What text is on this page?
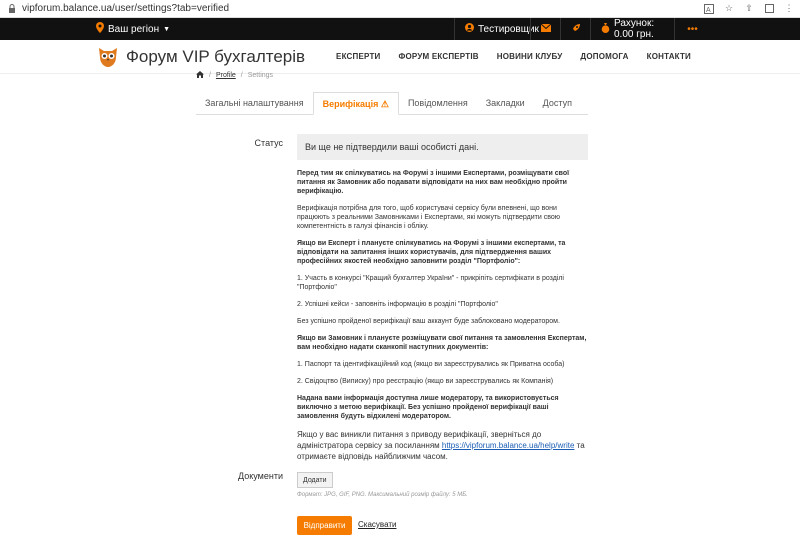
vipforum.balance.ua/user/settings?tab=verified	A ☆ ⇧	⋮
Ваш регіон ▼	Тестировщик	Рахунок: 0.00 грн.	•••
Форум VIP бухгалтерів	ЕКСПЕРТИ	ФОРУМ ЕКСПЕРТІВ	НОВИНИ КЛУБУ	ДОПОМОГА	КОНТАКТИ
/ Profile / Settings
Загальні налаштування	Верифікація ⚠	Повідомлення	Закладки	Доступ
Статус	Ви ще не підтвердили ваші особисті дані.

Перед тим як спілкуватись на Форумі з іншими Експертами, розміщувати свої питання як Замовник або подавати відповідати на них вам необхідно пройти верифікацію.

Верифікація потрібна для того, щоб користувачі сервісу були впевнені, що вони працюють з реальними Замовниками і Експертами, які можуть підтвердити свою компетентність в галузі фінансів і обліку.

Якщо ви Експерт і плануєте спілкуватись на Форумі з іншими експертами, та відповідати на запитання інших користувачів, для підтвердження ваших професійних якостей необхідно заповнити розділ "Портфоліо":

1. Участь в конкурсі "Кращий бухгалтер України" - прикріпіть сертифікати в розділі "Портфоліо"

2. Успішні кейси - заповніть інформацію в розділі "Портфоліо"

Без успішно пройденої верифікації ваш аккаунт буде заблоковано модератором.

Якщо ви Замовник і плануєте розміщувати свої питання та замовлення Експертам, вам необхідно надати сканкопії наступних документів:

1. Паспорт та ідентифікаційний код (якщо ви зареєструвались як Приватна особа)

2. Свідоцтво (Виписку) про реєстрацію (якщо ви зареєструвались як Компанія)

Надана вами інформація доступна лише модератору, та використовується виключно з метою верифікації. Без успішно пройденої верифікації ваші замовлення будуть відхилені модератором.

Якщо у вас виникли питання з приводу верифікації, зверніться до адміністратора сервісу за посиланням https://vipforum.balance.ua/help/write та отримаєте відповідь найближчим часом.

Документи	Додати
Формат: JPG, GIF, PNG. Максимальний розмір файлу: 5 МБ.
Відправити	Скасувати
